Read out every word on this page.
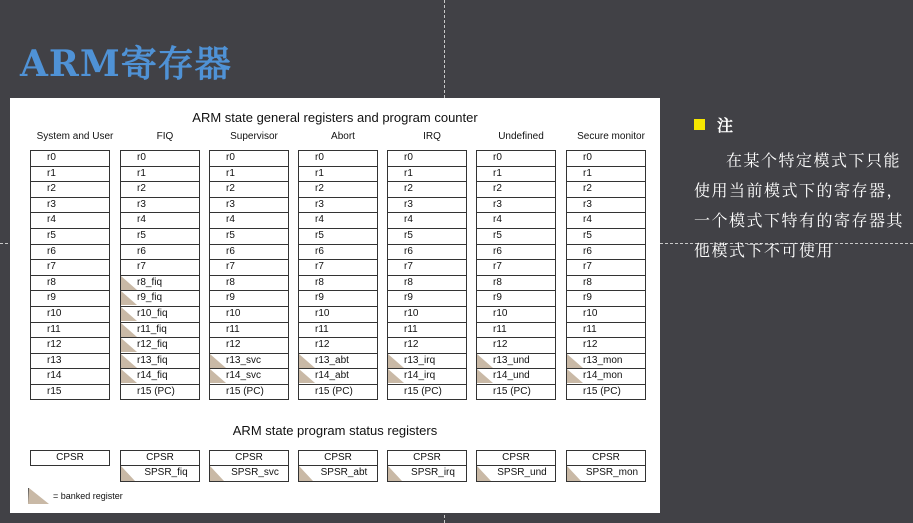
ARM寄存器
ARM state general registers and program counter
ARM state program status registers
= banked register
System and User
r0
r1
r2
r3
r4
r5
r6
r7
r8
r9
r10
r11
r12
r13
r14
r15
CPSR
FIQ
r0
r1
r2
r3
r4
r5
r6
r7
r8_fiq
r9_fiq
r10_fiq
r11_fiq
r12_fiq
r13_fiq
r14_fiq
r15 (PC)
CPSR
SPSR_fiq
Supervisor
r0
r1
r2
r3
r4
r5
r6
r7
r8
r9
r10
r11
r12
r13_svc
r14_svc
r15 (PC)
CPSR
SPSR_svc
Abort
r0
r1
r2
r3
r4
r5
r6
r7
r8
r9
r10
r11
r12
r13_abt
r14_abt
r15 (PC)
CPSR
SPSR_abt
IRQ
r0
r1
r2
r3
r4
r5
r6
r7
r8
r9
r10
r11
r12
r13_irq
r14_irq
r15 (PC)
CPSR
SPSR_irq
Undefined
r0
r1
r2
r3
r4
r5
r6
r7
r8
r9
r10
r11
r12
r13_und
r14_und
r15 (PC)
CPSR
SPSR_und
Secure monitor
r0
r1
r2
r3
r4
r5
r6
r7
r8
r9
r10
r11
r12
r13_mon
r14_mon
r15 (PC)
CPSR
SPSR_mon
注
在某个特定模式下只能使用当前模式下的寄存器，一个模式下特有的寄存器其他模式下不可使用
